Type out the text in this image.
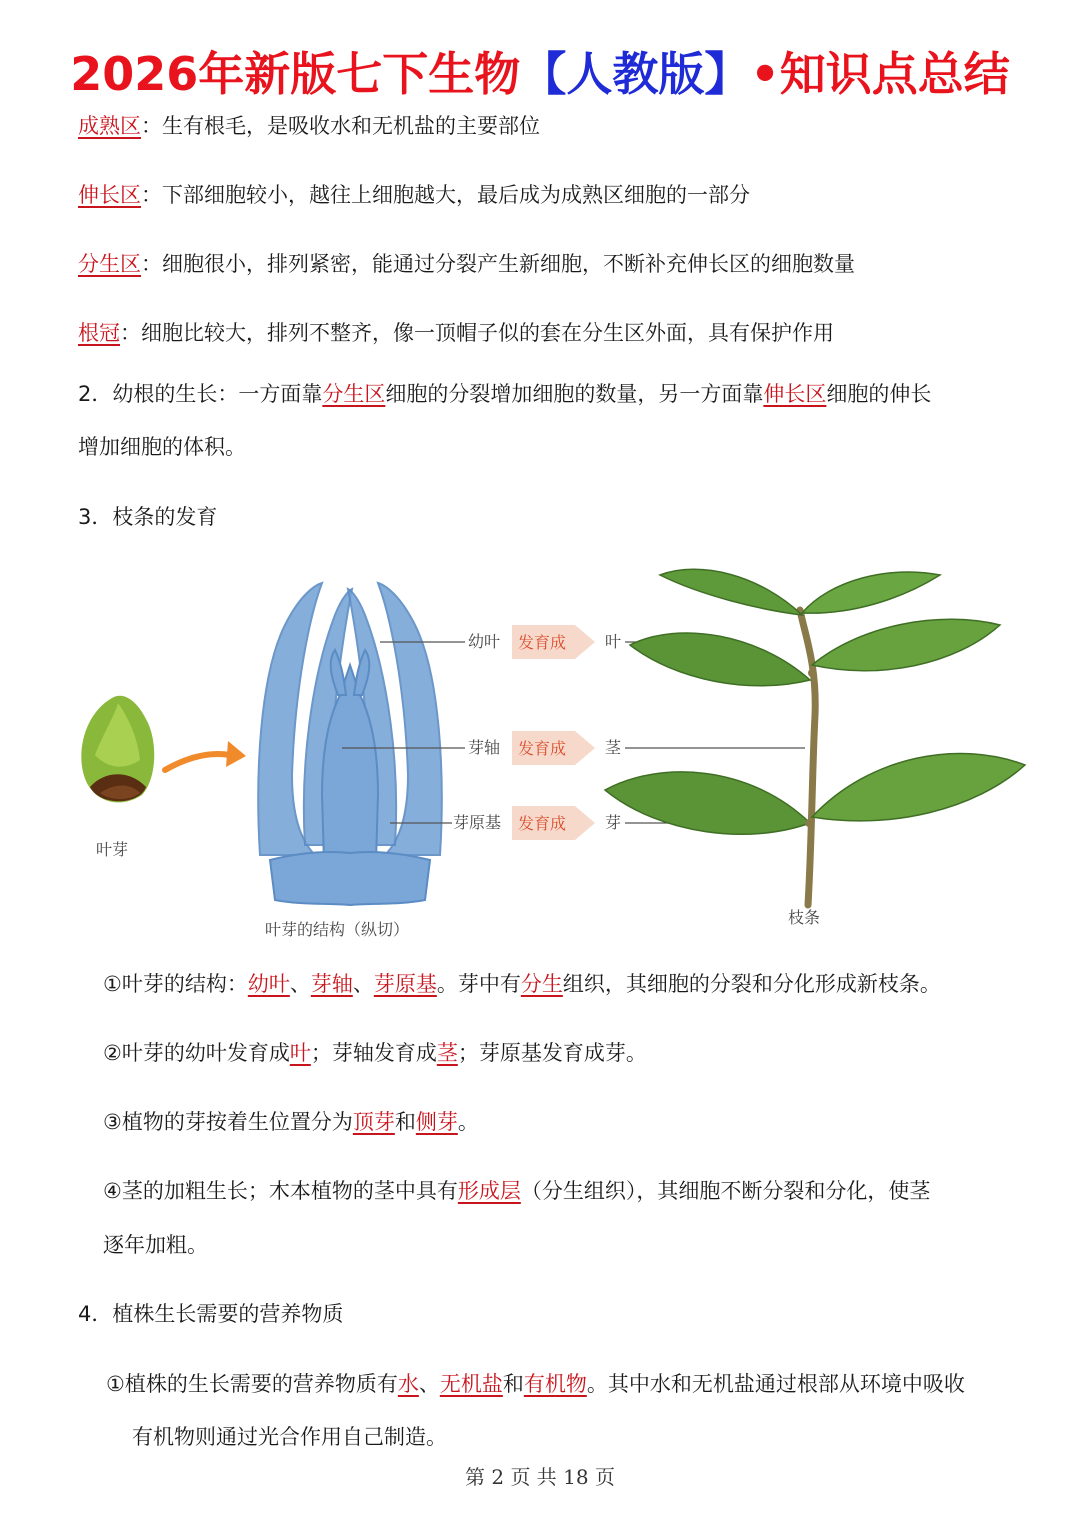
2026年新版七下生物【人教版】•知识点总结
成熟区：生有根毛，是吸收水和无机盐的主要部位
伸长区：下部细胞较小，越往上细胞越大，最后成为成熟区细胞的一部分
分生区：细胞很小，排列紧密，能通过分裂产生新细胞，不断补充伸长区的细胞数量
根冠：细胞比较大，排列不整齐，像一顶帽子似的套在分生区外面，具有保护作用
2．幼根的生长：一方面靠分生区细胞的分裂增加细胞的数量，另一方面靠伸长区细胞的伸长
增加细胞的体积。
3．枝条的发育
叶芽
叶芽的结构（纵切）
幼叶 发育成 叶
芽轴 发育成 茎
芽原基 发育成 芽
枝条
①叶芽的结构：幼叶、芽轴、芽原基。芽中有分生组织，其细胞的分裂和分化形成新枝条。
②叶芽的幼叶发育成叶；芽轴发育成茎；芽原基发育成芽。
③植物的芽按着生位置分为顶芽和侧芽。
④茎的加粗生长；木本植物的茎中具有形成层（分生组织），其细胞不断分裂和分化，使茎
逐年加粗。
4．植株生长需要的营养物质
①植株的生长需要的营养物质有水、无机盐和有机物。其中水和无机盐通过根部从环境中吸收
有机物则通过光合作用自己制造。
第 2 页 共 18 页
